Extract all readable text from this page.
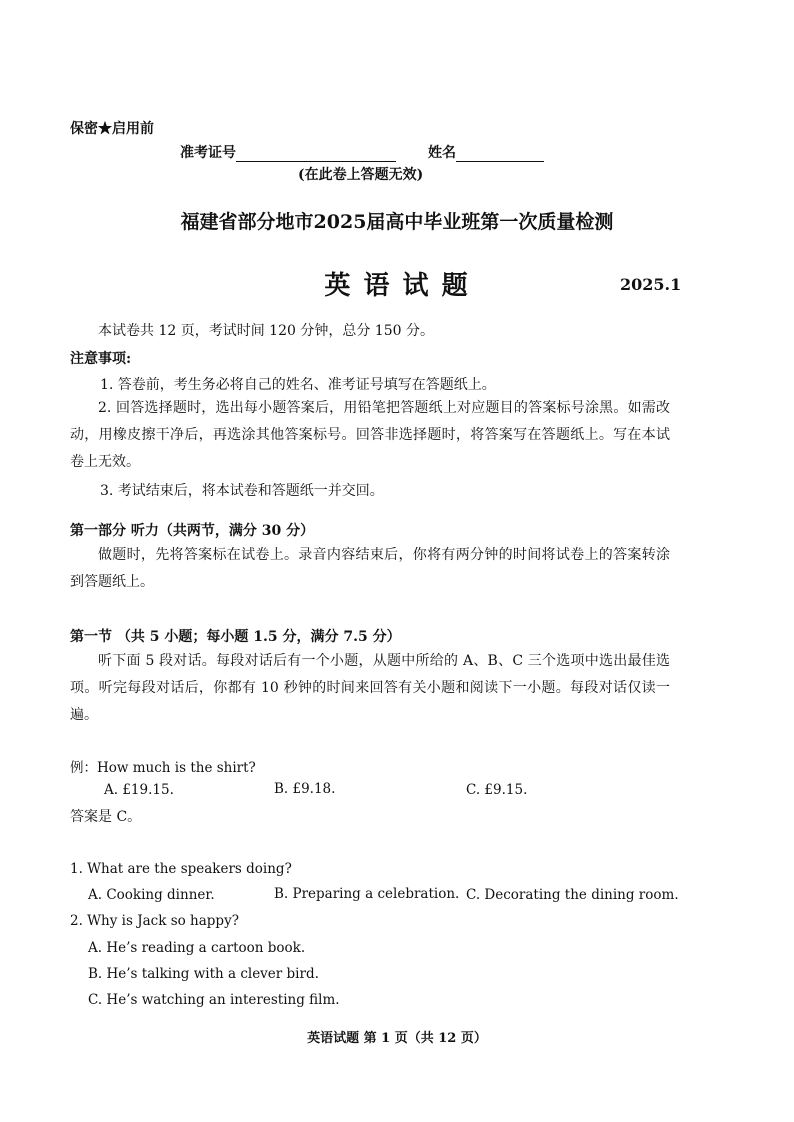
保密★启用前
准考证号	姓名
(在此卷上答题无效)
福建省部分地市2025届高中毕业班第一次质量检测
英 语 试 题	2025.1
本试卷共 12 页，考试时间 120 分钟，总分 150 分。
注意事项:
1. 答卷前，考生务必将自己的姓名、准考证号填写在答题纸上。
2. 回答选择题时，选出每小题答案后，用铅笔把答题纸上对应题目的答案标号涂黑。如需改动，用橡皮擦干净后，再选涂其他答案标号。回答非选择题时，将答案写在答题纸上。写在本试卷上无效。
3. 考试结束后，将本试卷和答题纸一并交回。
第一部分 听力（共两节，满分 30 分）
做题时，先将答案标在试卷上。录音内容结束后，你将有两分钟的时间将试卷上的答案转涂到答题纸上。
第一节 （共 5 小题；每小题 1.5 分，满分 7.5 分）
听下面 5 段对话。每段对话后有一个小题，从题中所给的 A、B、C 三个选项中选出最佳选项。听完每段对话后，你都有 10 秒钟的时间来回答有关小题和阅读下一小题。每段对话仅读一遍。
例：How much is the shirt?
A. £19.15.	B. £9.18.	C. £9.15.
答案是 C。
1. What are the speakers doing?
A. Cooking dinner.	B. Preparing a celebration. C. Decorating the dining room.
2. Why is Jack so happy?
A. He’s reading a cartoon book.
B. He’s talking with a clever bird.
C. He’s watching an interesting film.
英语试题 第 1 页（共 12 页）
